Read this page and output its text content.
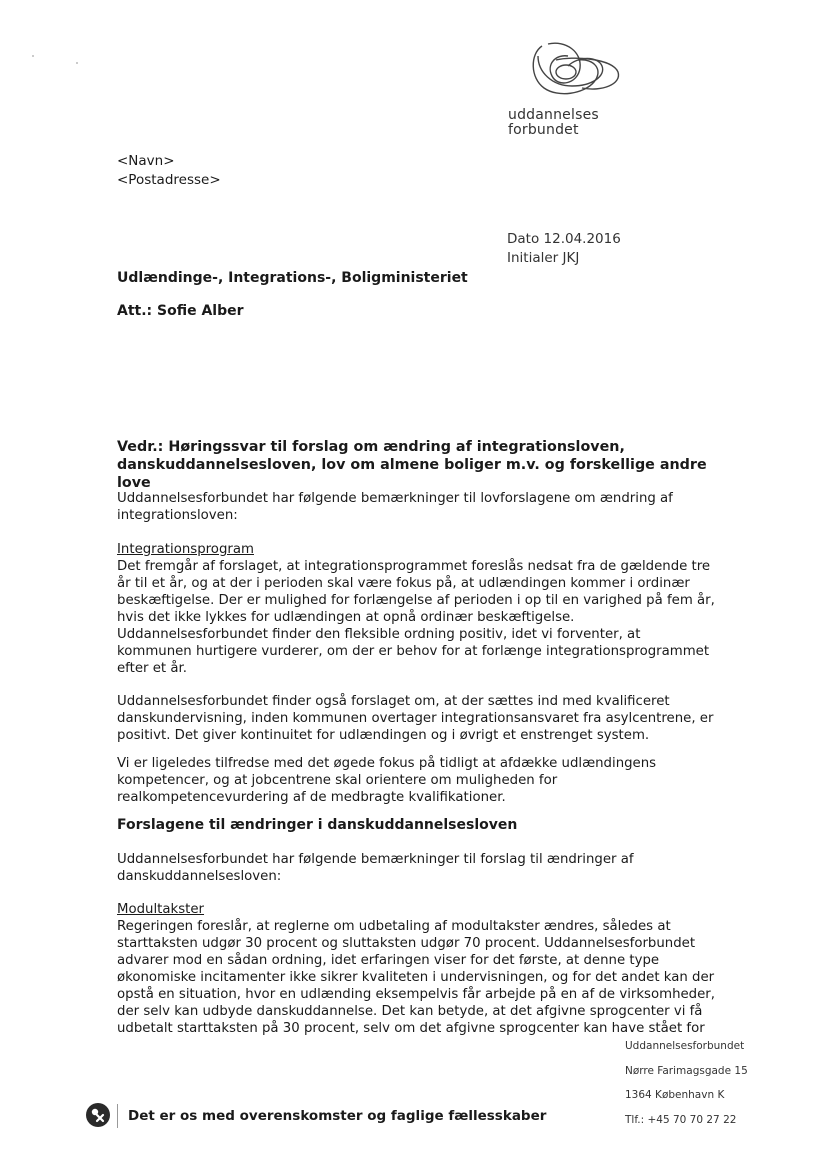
uddannelses
forbundet
<Navn>
<Postadresse>
Dato 12.04.2016
Initialer JKJ
Udlændinge-, Integrations-, Boligministeriet
Att.: Sofie Alber
Vedr.: Høringssvar til forslag om ændring af integrationsloven,
danskuddannelsesloven, lov om almene boliger m.v. og forskellige andre love
Uddannelsesforbundet har følgende bemærkninger til lovforslagene om ændring af
integrationsloven:
Integrationsprogram
Det fremgår af forslaget, at integrationsprogrammet foreslås nedsat fra de gældende tre
år til et år, og at der i perioden skal være fokus på, at udlændingen kommer i ordinær
beskæftigelse. Der er mulighed for forlængelse af perioden i op til en varighed på fem år,
hvis det ikke lykkes for udlændingen at opnå ordinær beskæftigelse.
Uddannelsesforbundet finder den fleksible ordning positiv, idet vi forventer, at
kommunen hurtigere vurderer, om der er behov for at forlænge integrationsprogrammet
efter et år.
Uddannelsesforbundet finder også forslaget om, at der sættes ind med kvalificeret
danskundervisning, inden kommunen overtager integrationsansvaret fra asylcentrene, er
positivt. Det giver kontinuitet for udlændingen og i øvrigt et enstrenget system.
Vi er ligeledes tilfredse med det øgede fokus på tidligt at afdække udlændingens
kompetencer, og at jobcentrene skal orientere om muligheden for
realkompetencevurdering af de medbragte kvalifikationer.
Forslagene til ændringer i danskuddannelsesloven
Uddannelsesforbundet har følgende bemærkninger til forslag til ændringer af
danskuddannelsesloven:
Modultakster
Regeringen foreslår, at reglerne om udbetaling af modultakster ændres, således at
starttaksten udgør 30 procent og sluttaksten udgør 70 procent. Uddannelsesforbundet
advarer mod en sådan ordning, idet erfaringen viser for det første, at denne type
økonomiske incitamenter ikke sikrer kvaliteten i undervisningen, og for det andet kan der
opstå en situation, hvor en udlænding eksempelvis får arbejde på en af de virksomheder,
der selv kan udbyde danskuddannelse. Det kan betyde, at det afgivne sprogcenter vi få
udbetalt starttaksten på 30 procent, selv om det afgivne sprogcenter kan have stået for
Uddannelsesforbundet
Nørre Farimagsgade 15
1364 København K
Tlf.: +45 70 70 27 22
Det er os med overenskomster og faglige fællesskaber
